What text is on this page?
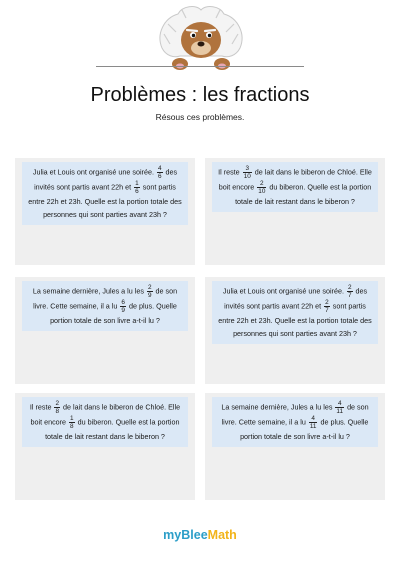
Problèmes : les fractions
Résous ces problèmes.
Julia et Louis ont organisé une soirée. $\frac{4}{6}$ des invités sont partis avant 22h et $\frac{1}{6}$ sont partis entre 22h et 23h. Quelle est la portion totale des personnes qui sont parties avant 23h ?
Il reste $\frac{3}{10}$ de lait dans le biberon de Chloé. Elle boit encore $\frac{2}{10}$ du biberon. Quelle est la portion totale de lait restant dans le biberon ?
La semaine dernière, Jules a lu les $\frac{2}{9}$ de son livre. Cette semaine, il a lu $\frac{6}{9}$ de plus. Quelle portion totale de son livre a-t-il lu ?
Julia et Louis ont organisé une soirée. $\frac{2}{7}$ des invités sont partis avant 22h et $\frac{2}{7}$ sont partis entre 22h et 23h. Quelle est la portion totale des personnes qui sont parties avant 23h ?
Il reste $\frac{2}{8}$ de lait dans le biberon de Chloé. Elle boit encore $\frac{1}{8}$ du biberon. Quelle est la portion totale de lait restant dans le biberon ?
La semaine dernière, Jules a lu les $\frac{4}{11}$ de son livre. Cette semaine, il a lu $\frac{4}{11}$ de plus. Quelle portion totale de son livre a-t-il lu ?
myBleeMath
